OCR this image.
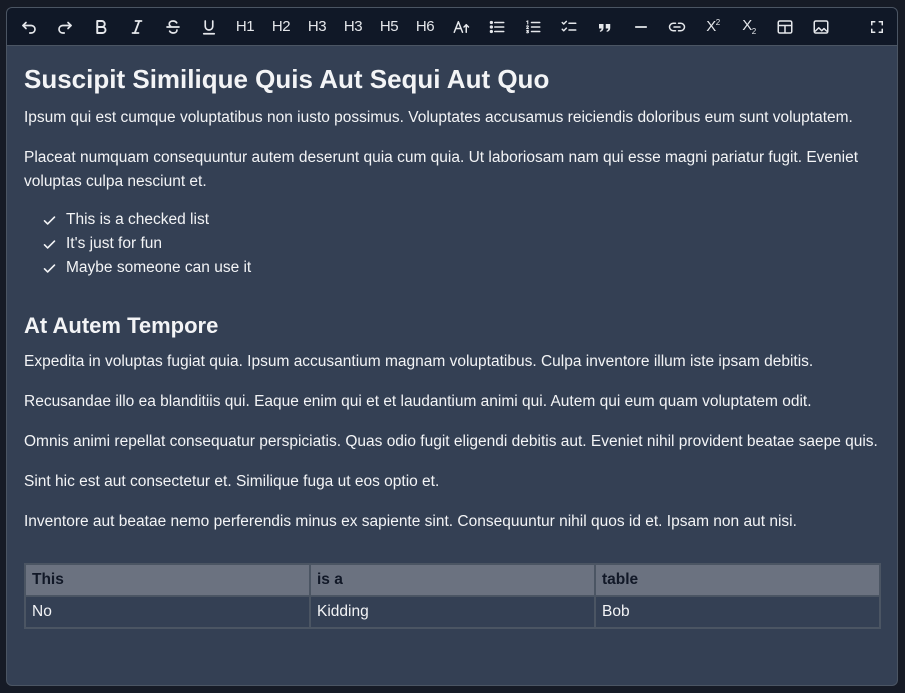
H1 H2 H3 H3 H5 H6	$X^2$ $X_2$
Suscipit Similique Quis Aut Sequi Aut Quo

Ipsum qui est cumque voluptatibus non iusto possimus. Voluptates accusamus reiciendis doloribus eum sunt voluptatem.

Placeat numquam consequuntur autem deserunt quia cum quia. Ut laboriosam nam qui esse magni pariatur fugit. Eveniet voluptas culpa nesciunt et.

This is a checked list
It's just for fun
Maybe someone can use it
At Autem Tempore

Expedita in voluptas fugiat quia. Ipsum accusantium magnam voluptatibus. Culpa inventore illum iste ipsam debitis.

Recusandae illo ea blanditiis qui. Eaque enim qui et et laudantium animi qui. Autem qui eum quam voluptatem odit.

Omnis animi repellat consequatur perspiciatis. Quas odio fugit eligendi debitis aut. Eveniet nihil provident beatae saepe quis.

Sint hic est aut consectetur et. Similique fuga ut eos optio et.

Inventore aut beatae nemo perferendis minus ex sapiente sint. Consequuntur nihil quos id et. Ipsam non aut nisi.

This	is a	table
No	Kidding	Bob
